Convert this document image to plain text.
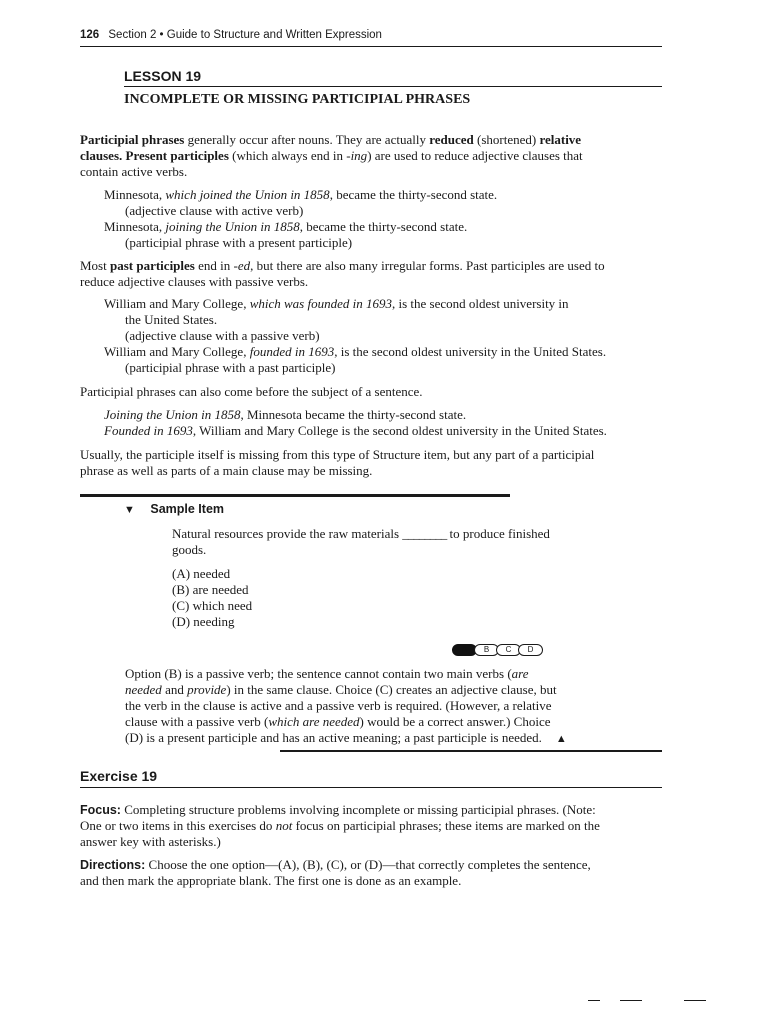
126 Section 2 • Guide to Structure and Written Expression
LESSON 19
INCOMPLETE OR MISSING PARTICIPIAL PHRASES
Participial phrases generally occur after nouns. They are actually reduced (shortened) relative
clauses. Present participles (which always end in -ing) are used to reduce adjective clauses that
contain active verbs.
Minnesota, which joined the Union in 1858, became the thirty-second state.
(adjective clause with active verb)
Minnesota, joining the Union in 1858, became the thirty-second state.
(participial phrase with a present participle)
Most past participles end in -ed, but there are also many irregular forms. Past participles are used to
reduce adjective clauses with passive verbs.
William and Mary College, which was founded in 1693, is the second oldest university in
the United States.
(adjective clause with a passive verb)
William and Mary College, founded in 1693, is the second oldest university in the United States.
(participial phrase with a past participle)
Participial phrases can also come before the subject of a sentence.
Joining the Union in 1858, Minnesota became the thirty-second state.
Founded in 1693, William and Mary College is the second oldest university in the United States.
Usually, the participle itself is missing from this type of Structure item, but any part of a participial
phrase as well as parts of a main clause may be missing.
▼ Sample Item
Natural resources provide the raw materials ________ to produce finished
goods.
(A) needed
(B) are needed
(C) which need
(D) needing
A B C D
Option (B) is a passive verb; the sentence cannot contain two main verbs (are
needed and provide) in the same clause. Choice (C) creates an adjective clause, but
the verb in the clause is active and a passive verb is required. (However, a relative
clause with a passive verb (which are needed) would be a correct answer.) Choice
(D) is a present participle and has an active meaning; a past participle is needed. ▲
Exercise 19
Focus: Completing structure problems involving incomplete or missing participial phrases. (Note:
One or two items in this exercises do not focus on participial phrases; these items are marked on the
answer key with asterisks.)
Directions: Choose the one option—(A), (B), (C), or (D)—that correctly completes the sentence,
and then mark the appropriate blank. The first one is done as an example.
